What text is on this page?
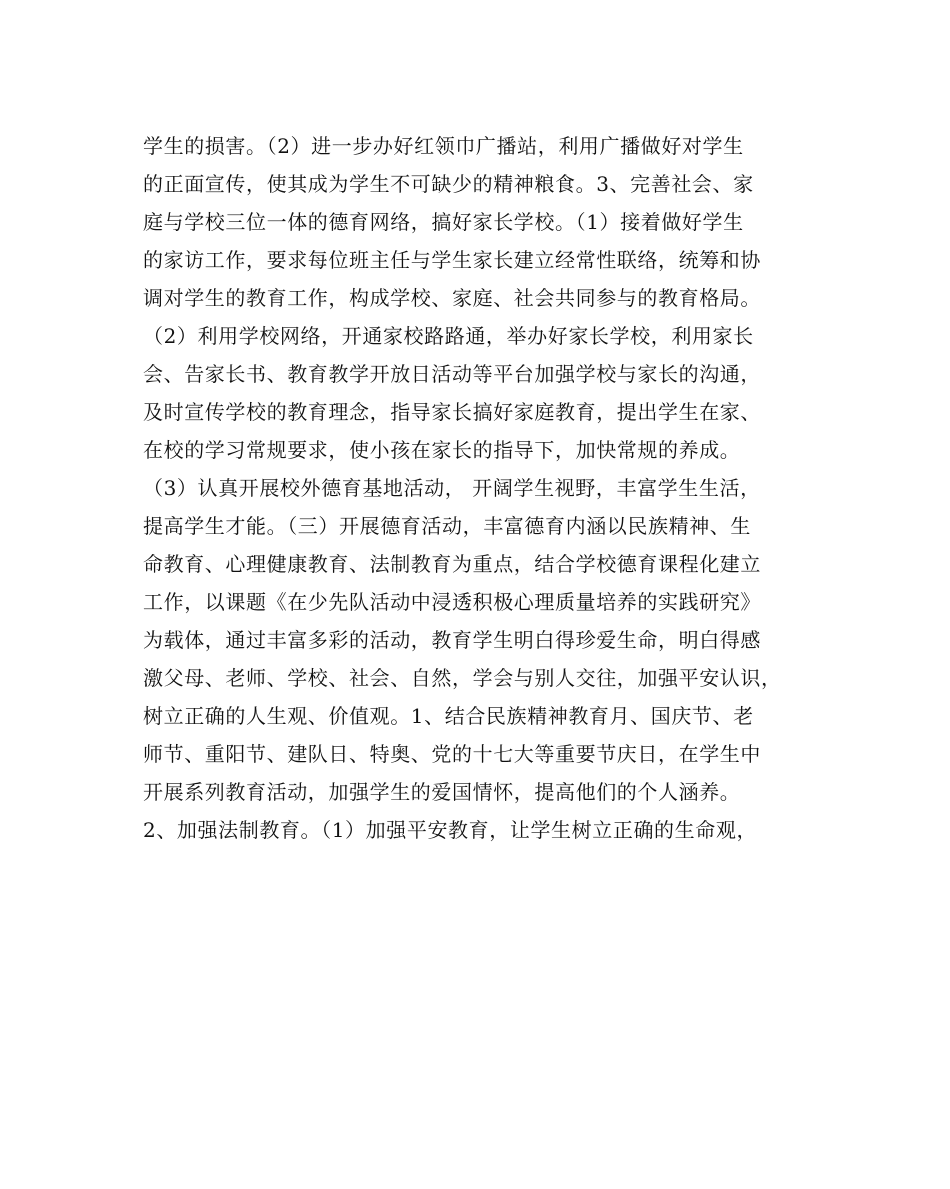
学生的损害。（2）进一步办好红领巾广播站，利用广播做好对学生
的正面宣传，使其成为学生不可缺少的精神粮食。3、完善社会、家
庭与学校三位一体的德育网络，搞好家长学校。（1）接着做好学生
的家访工作，要求每位班主任与学生家长建立经常性联络，统筹和协
调对学生的教育工作，构成学校、家庭、社会共同参与的教育格局。
（2）利用学校网络，开通家校路路通，举办好家长学校，利用家长
会、告家长书、教育教学开放日活动等平台加强学校与家长的沟通，
及时宣传学校的教育理念，指导家长搞好家庭教育，提出学生在家、
在校的学习常规要求，使小孩在家长的指导下，加快常规的养成。
（3）认真开展校外德育基地活动， 开阔学生视野，丰富学生生活，
提高学生才能。（三）开展德育活动，丰富德育内涵以民族精神、生
命教育、心理健康教育、法制教育为重点，结合学校德育课程化建立
工作，以课题《在少先队活动中浸透积极心理质量培养的实践研究》
为载体，通过丰富多彩的活动，教育学生明白得珍爱生命，明白得感
激父母、老师、学校、社会、自然，学会与别人交往，加强平安认识，
树立正确的人生观、价值观。1、结合民族精神教育月、国庆节、老
师节、重阳节、建队日、特奥、党的十七大等重要节庆日，在学生中
开展系列教育活动，加强学生的爱国情怀，提高他们的个人涵养。
2、加强法制教育。（1）加强平安教育，让学生树立正确的生命观，
